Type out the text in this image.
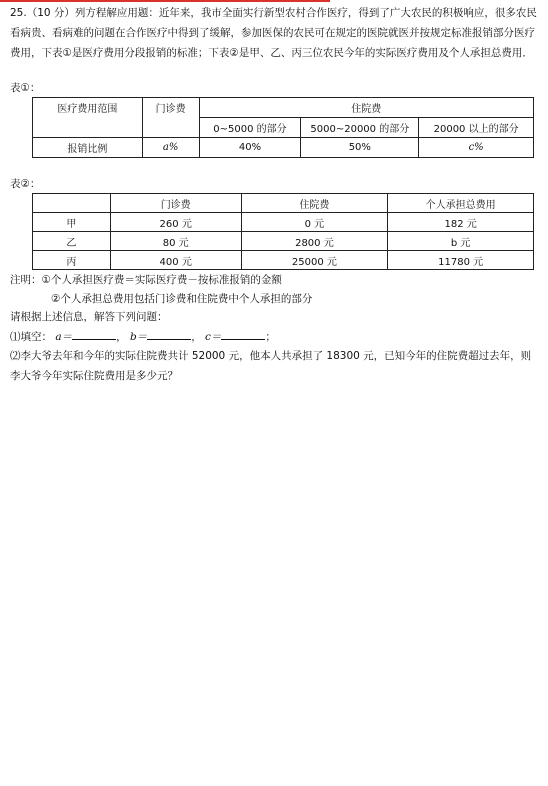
25.（10 分）列方程解应用题：近年来，我市全面实行新型农村合作医疗，得到了广大农民的积极响应，很多农民看病贵、看病难的问题在合作医疗中得到了缓解，参加医保的农民可在规定的医院就医并按规定标准报销部分医疗费用，下表①是医疗费用分段报销的标准；下表②是甲、乙、丙三位农民今年的实际医疗费用及个人承担总费用．

表①：
医疗费用范围	门诊费	住院费		
		0~5000 的部分	5000~20000 的部分	20000 以上的部分
报销比例	a%	40%	50%	c%
表②：
	门诊费	住院费	个人承担总费用
甲	260 元	0 元	182 元
乙	80 元	2800 元	b 元
丙	400 元	25000 元	11780 元
注明：①个人承担医疗费＝实际医疗费－按标准报销的金额
②个人承担总费用包括门诊费和住院费中个人承担的部分
请根据上述信息，解答下列问题：
⑴填空： a＝	， b＝	， c＝	；

⑵李大爷去年和今年的实际住院费共计 52000 元，他本人共承担了 18300 元，已知今年的住院费超过去年，则李大爷今年实际住院费用是多少元？
